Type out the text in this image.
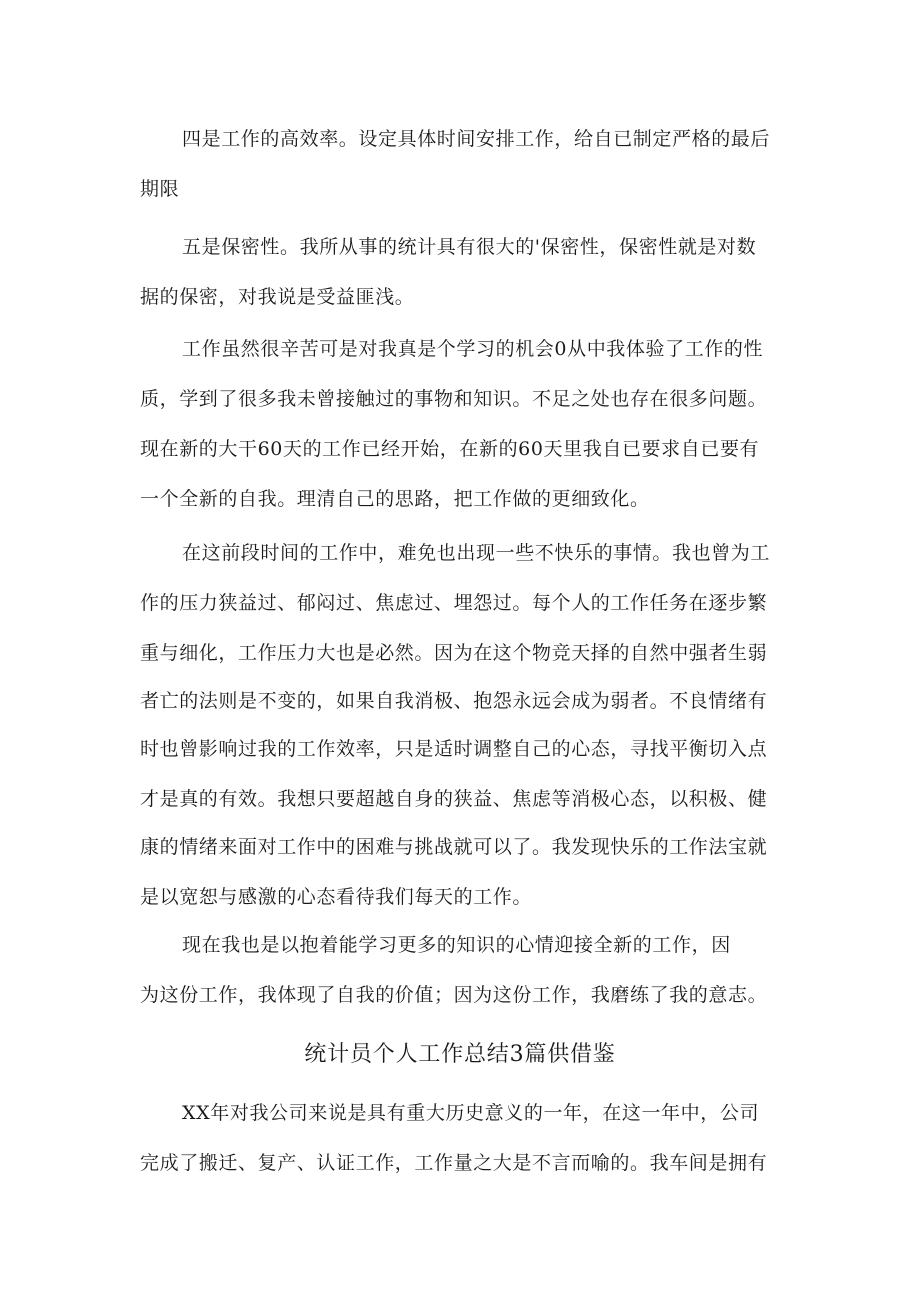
四是工作的高效率。设定具体时间安排工作，给自已制定严格的最后
期限
五是保密性。我所从事的统计具有很大的'保密性，保密性就是对数
据的保密，对我说是受益匪浅。
工作虽然很辛苦可是对我真是个学习的机会0从中我体验了工作的性
质，学到了很多我未曾接触过的事物和知识。不足之处也存在很多问题。
现在新的大干60天的工作已经开始，在新的60天里我自已要求自已要有
一个全新的自我。理清自己的思路，把工作做的更细致化。
在这前段时间的工作中，难免也出现一些不快乐的事情。我也曾为工
作的压力狭益过、郁闷过、焦虑过、埋怨过。每个人的工作任务在逐步繁
重与细化，工作压力大也是必然。因为在这个物竞天择的自然中强者生弱
者亡的法则是不变的，如果自我消极、抱怨永远会成为弱者。不良情绪有
时也曾影响过我的工作效率，只是适时调整自己的心态，寻找平衡切入点
才是真的有效。我想只要超越自身的狭益、焦虑等消极心态，以积极、健
康的情绪来面对工作中的困难与挑战就可以了。我发现快乐的工作法宝就
是以宽恕与感激的心态看待我们每天的工作。
现在我也是以抱着能学习更多的知识的心情迎接全新的工作，因
为这份工作，我体现了自我的价值；因为这份工作，我磨练了我的意志。
统计员个人工作总结3篇供借鉴
XX年对我公司来说是具有重大历史意义的一年，在这一年中，公司
完成了搬迁、复产、认证工作，工作量之大是不言而喻的。我车间是拥有
